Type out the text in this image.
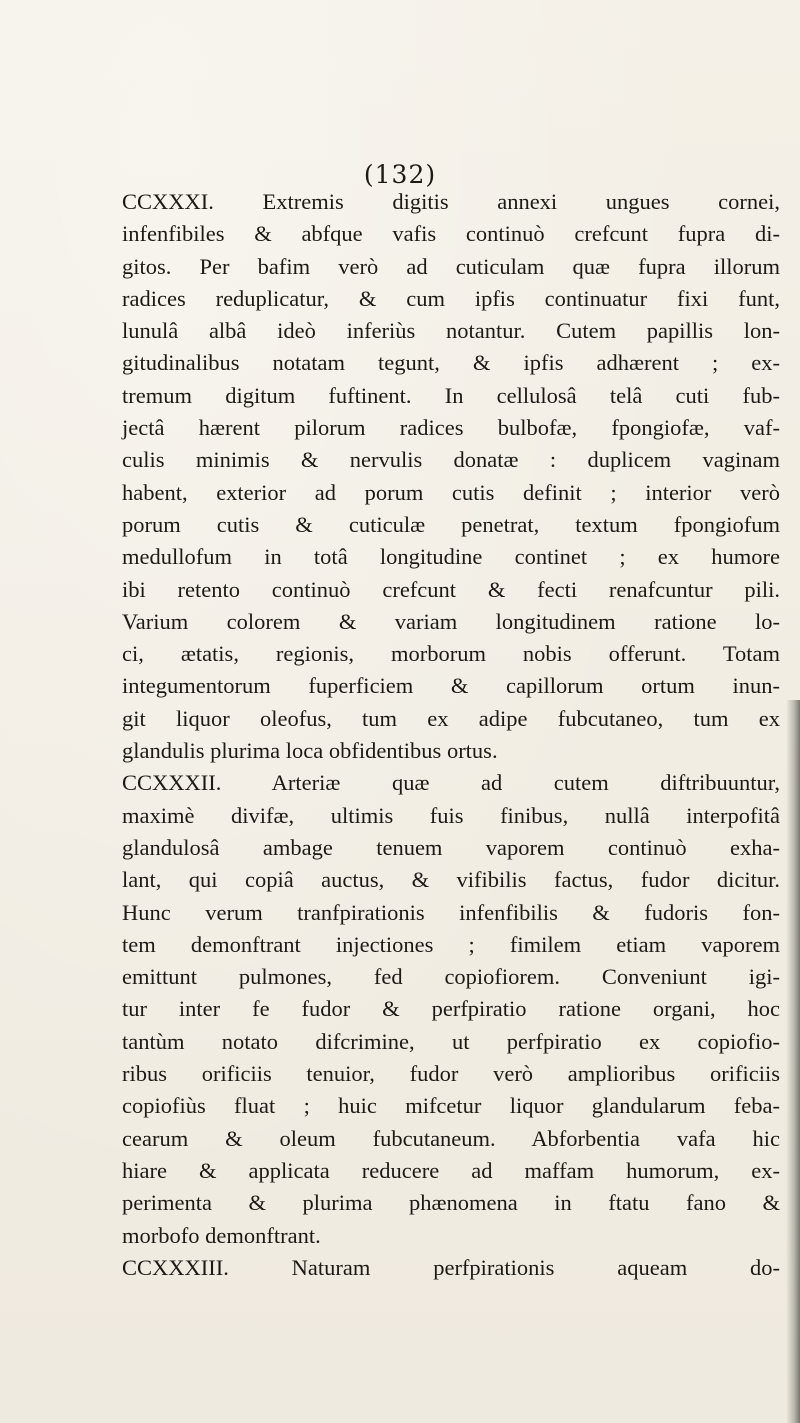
(132)
CCXXXI. Extremis digitis annexi ungues cornei,
infenfibiles & abfque vafis continuò crefcunt fupra di-
gitos. Per bafim verò ad cuticulam quæ fupra illorum
radices reduplicatur, & cum ipfis continuatur fixi funt,
lunulâ albâ ideò inferiùs notantur. Cutem papillis lon-
gitudinalibus notatam tegunt, & ipfis adhærent ; ex-
tremum digitum fuftinent. In cellulosâ telâ cuti fub-
jectâ hærent pilorum radices bulbofæ, fpongiofæ, vaf-
culis minimis & nervulis donatæ : duplicem vaginam
habent, exterior ad porum cutis definit ; interior verò
porum cutis & cuticulæ penetrat, textum fpongiofum
medullofum in totâ longitudine continet ; ex humore
ibi retento continuò crefcunt & fecti renafcuntur pili.
Varium colorem & variam longitudinem ratione lo-
ci, ætatis, regionis, morborum nobis offerunt. Totam
integumentorum fuperficiem & capillorum ortum inun-
git liquor oleofus, tum ex adipe fubcutaneo, tum ex
glandulis plurima loca obfidentibus ortus.
CCXXXII. Arteriæ quæ ad cutem diftribuuntur,
maximè divifæ, ultimis fuis finibus, nullâ interpofitâ
glandulosâ ambage tenuem vaporem continuò exha-
lant, qui copiâ auctus, & vifibilis factus, fudor dicitur.
Hunc verum tranfpirationis infenfibilis & fudoris fon-
tem demonftrant injectiones ; fimilem etiam vaporem
emittunt pulmones, fed copiofiorem. Conveniunt igi-
tur inter fe fudor & perfpiratio ratione organi, hoc
tantùm notato difcrimine, ut perfpiratio ex copiofio-
ribus orificiis tenuior, fudor verò amplioribus orificiis
copiofiùs fluat ; huic mifcetur liquor glandularum feba-
cearum & oleum fubcutaneum. Abforbentia vafa hic
hiare & applicata reducere ad maffam humorum, ex-
perimenta & plurima phænomena in ftatu fano &
morbofo demonftrant.
CCXXXIII. Naturam perfpirationis aqueam do-
